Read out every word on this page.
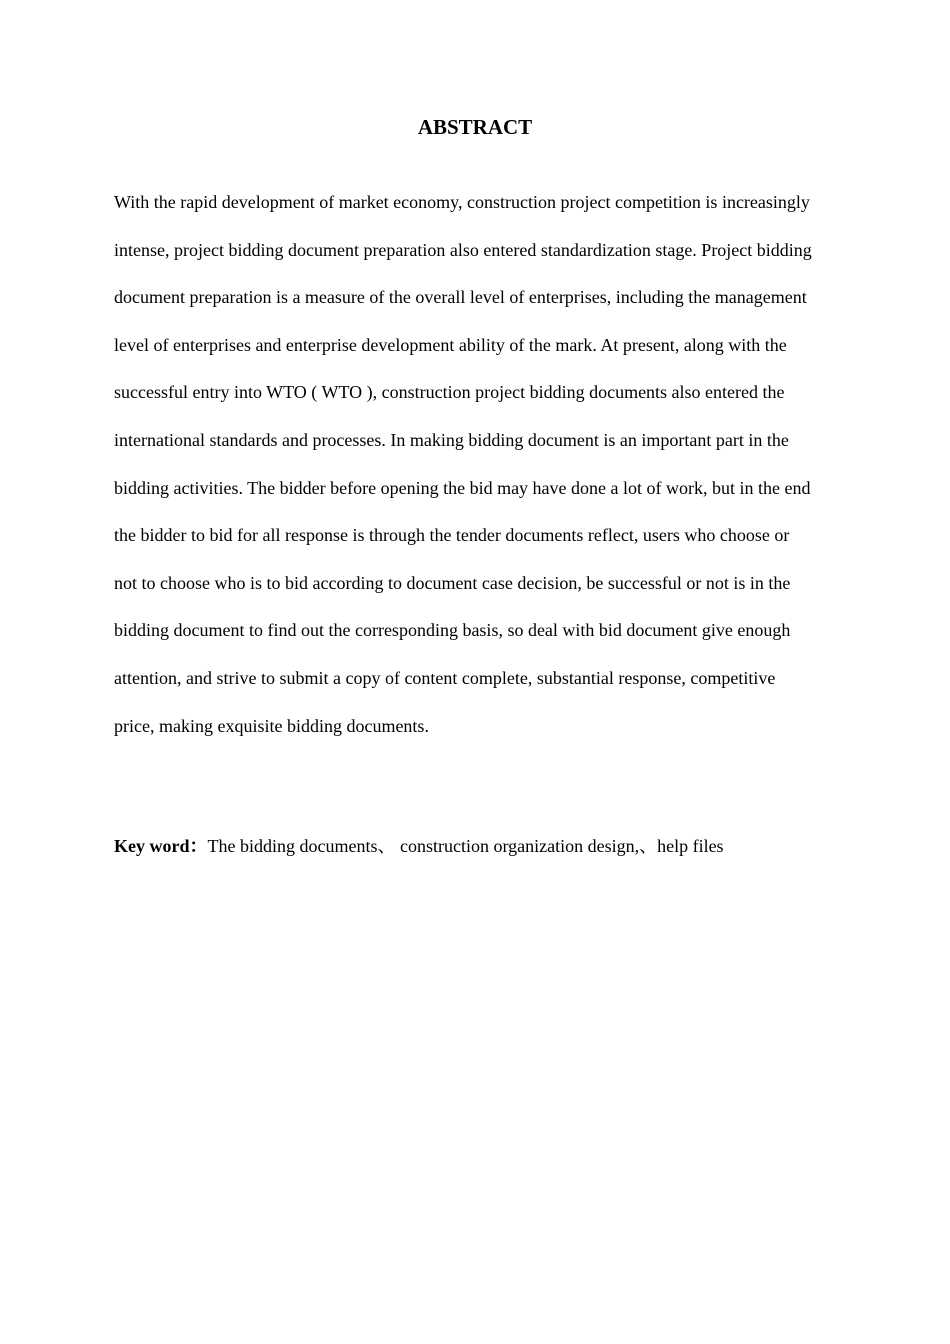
ABSTRACT
With the rapid development of market economy, construction project competition is increasingly
intense, project bidding document preparation also entered standardization stage. Project bidding
document preparation is a measure of the overall level of enterprises, including the management
level of enterprises and enterprise development ability of the mark. At present, along with the
successful entry into WTO ( WTO ), construction project bidding documents also entered the
international standards and processes. In making bidding document is an important part in the
bidding activities. The bidder before opening the bid may have done a lot of work, but in the end
the bidder to bid for all response is through the tender documents reflect, users who choose or
not to choose who is to bid according to document case decision, be successful or not is in the
bidding document to find out the corresponding basis, so deal with bid document give enough
attention, and strive to submit a copy of content complete, substantial response, competitive
price, making exquisite bidding documents.

Key word：The bidding documents、 construction organization design,、help files
